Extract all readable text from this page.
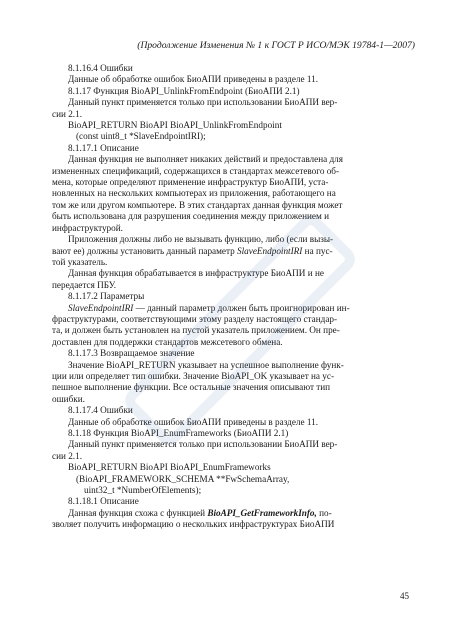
(Продолжение Изменения № 1 к ГОСТ Р ИСО/МЭК 19784-1—2007)

8.1.16.4 Ошибки

Данные об обработке ошибок БиоАПИ приведены в разделе 11.

8.1.17 Функция BioAPI_UnlinkFromEndpoint (БиоАПИ 2.1)

Данный пункт применяется только при использовании БиоАПИ вер-

сии 2.1.

BioAPI_RETURN BioAPI BioAPI_UnlinkFromEndpoint

(const uint8_t *SlaveEndpointIRI);

8.1.17.1 Описание

Данная функция не выполняет никаких действий и предоставлена для

измененных спецификаций, содержащихся в стандартах межсетевого об-

мена, которые определяют применение инфраструктур БиоАПИ, уста-

новленных на нескольких компьютерах из приложения, работающего на

том же или другом компьютере. В этих стандартах данная функция может

быть использована для разрушения соединения между приложением и

инфраструктурой.

Приложения должны либо не вызывать функцию, либо (если вызы-

вают ее) должны установить данный параметр SlaveEndpointIRI на пус-

той указатель.

Данная функция обрабатывается в инфраструктуре БиоАПИ и не

передается ПБУ.

8.1.17.2 Параметры

SlaveEndpointIRI — данный параметр должен быть проигнорирован ин-

фраструктурами, соответствующими этому разделу настоящего стандар-

та, и должен быть установлен на пустой указатель приложением. Он пре-

доставлен для поддержки стандартов межсетевого обмена.

8.1.17.3 Возвращаемое значение

Значение BioAPI_RETURN указывает на успешное выполнение функ-

ции или определяет тип ошибки. Значение BioAPI_OK указывает на ус-

пешное выполнение функции. Все остальные значения описывают тип

ошибки.

8.1.17.4 Ошибки

Данные об обработке ошибок БиоАПИ приведены в разделе 11.

8.1.18 Функция BioAPI_EnumFrameworks (БиоАПИ 2.1)

Данный пункт применяется только при использовании БиоАПИ вер-

сии 2.1.

BioAPI_RETURN BioAPI BioAPI_EnumFrameworks

(BioAPI_FRAMEWORK_SCHEMA **FwSchemaArray,

uint32_t *NumberOfElements);

8.1.18.1 Описание

Данная функция схожа с функцией BioAPI_GetFrameworkInfo, по-

зволяет получить информацию о нескольких инфраструктурах БиоАПИ

45
